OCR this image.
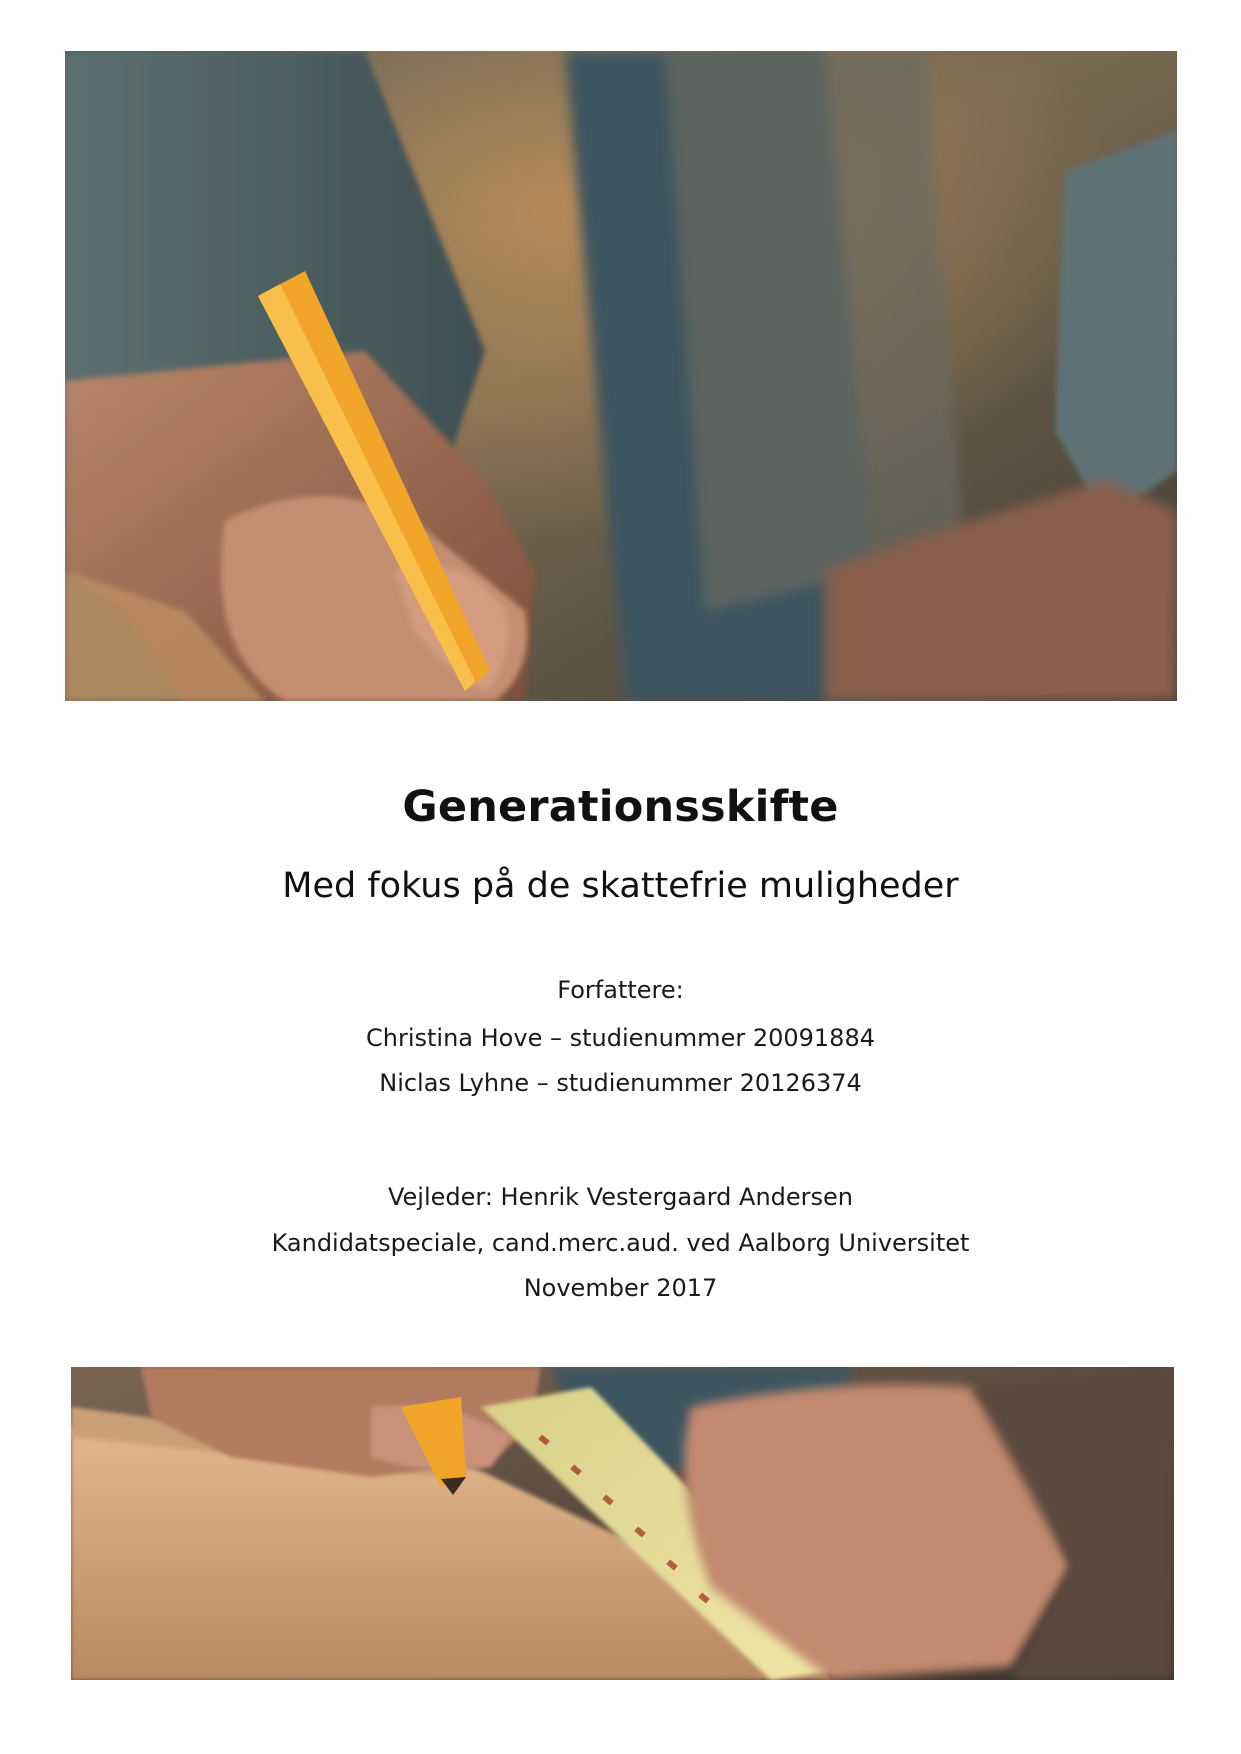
Generationsskifte
Med fokus på de skattefrie muligheder
Forfattere:
Christina Hove – studienummer 20091884
Niclas Lyhne – studienummer 20126374
Vejleder: Henrik Vestergaard Andersen
Kandidatspeciale, cand.merc.aud. ved Aalborg Universitet
November 2017
